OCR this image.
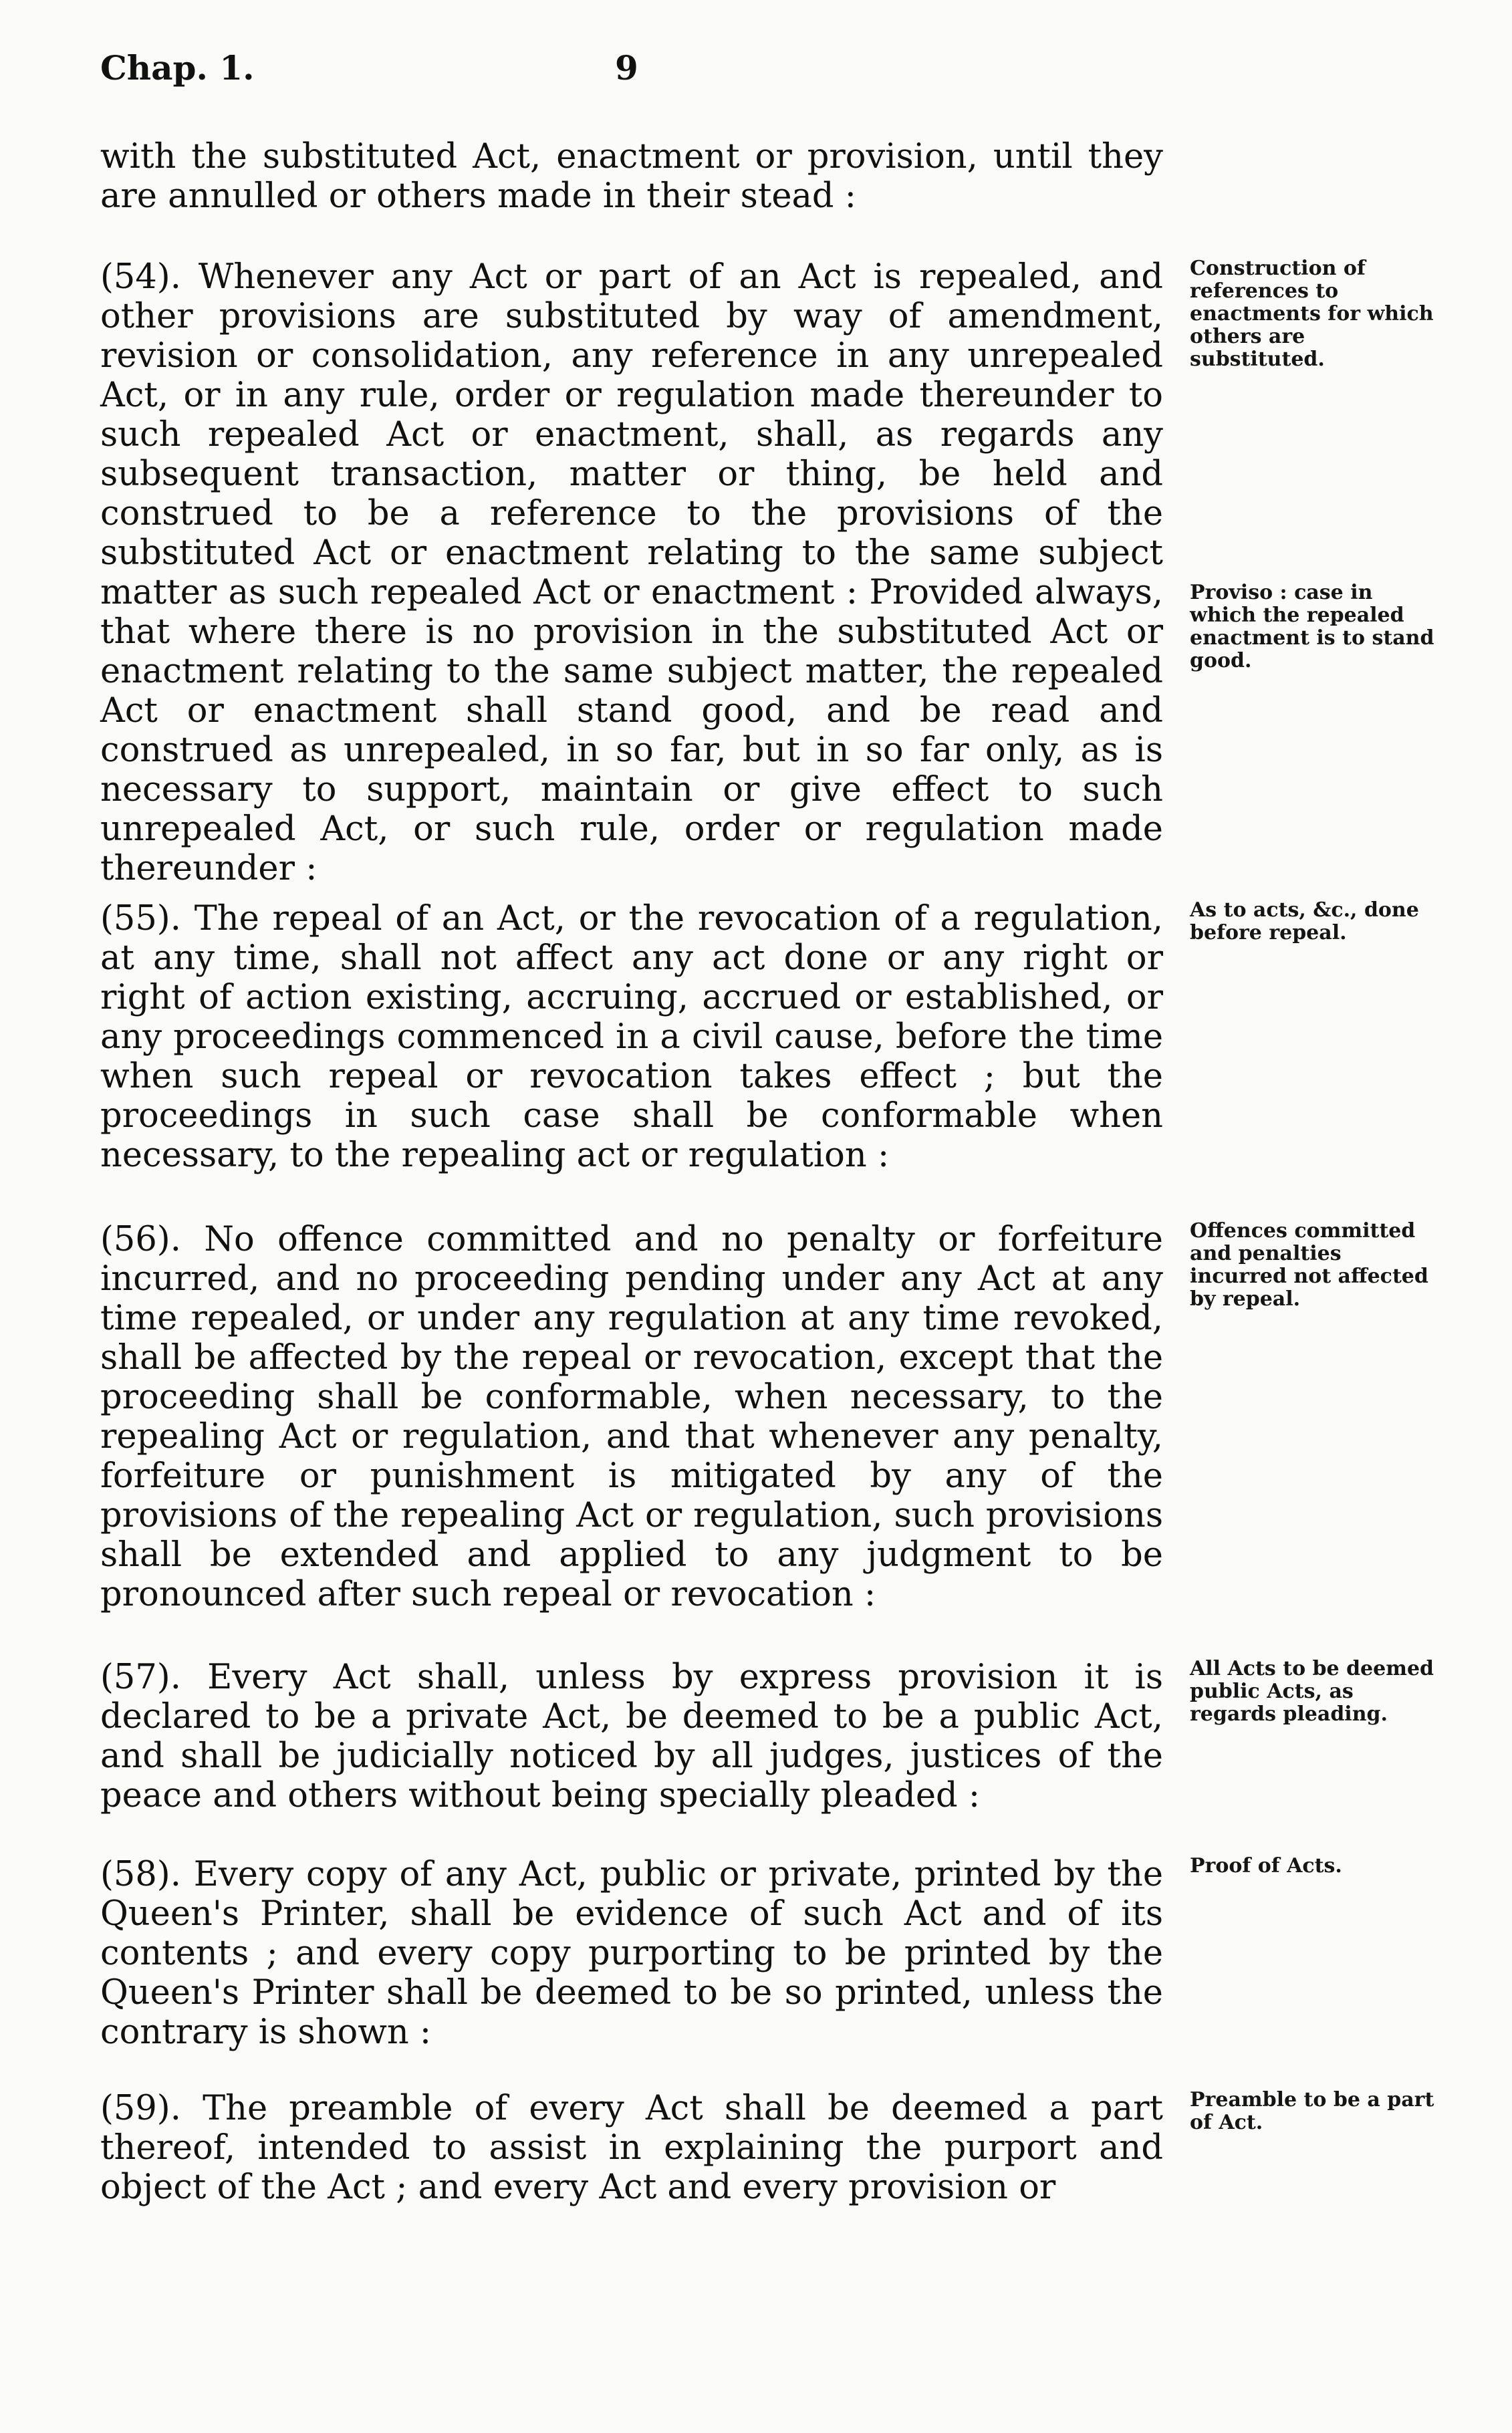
Chap. 1.	9
with the substituted Act, enactment or provision, until they are annulled or others made in their stead :
(54). Whenever any Act or part of an Act is repealed, and other provisions are substituted by way of amendment, revision or consolidation, any reference in any unrepealed Act, or in any rule, order or regulation made thereunder to such repealed Act or enactment, shall, as regards any subsequent transaction, matter or thing, be held and construed to be a reference to the provisions of the substituted Act or enactment relating to the same subject matter as such repealed Act or enactment : Provided always, that where there is no provision in the substituted Act or enactment relating to the same subject matter, the repealed Act or enactment shall stand good, and be read and construed as unrepealed, in so far, but in so far only, as is necessary to support, maintain or give effect to such unrepealed Act, or such rule, order or regulation made thereunder :
Construction of references to enactments for which others are substituted.
Proviso : case in which the repealed enactment is to stand good.
(55). The repeal of an Act, or the revocation of a regulation, at any time, shall not affect any act done or any right or right of action existing, accruing, accrued or established, or any proceedings commenced in a civil cause, before the time when such repeal or revocation takes effect ; but the proceedings in such case shall be conformable when necessary, to the repealing act or regulation :
As to acts, &c., done before repeal.
(56). No offence committed and no penalty or forfeiture incurred, and no proceeding pending under any Act at any time repealed, or under any regulation at any time revoked, shall be affected by the repeal or revocation, except that the proceeding shall be conformable, when necessary, to the repealing Act or regulation, and that whenever any penalty, forfeiture or punishment is mitigated by any of the provisions of the repealing Act or regulation, such provisions shall be extended and applied to any judgment to be pronounced after such repeal or revocation :
Offences committed and penalties incurred not affected by repeal.
(57). Every Act shall, unless by express provision it is declared to be a private Act, be deemed to be a public Act, and shall be judicially noticed by all judges, justices of the peace and others without being specially pleaded :
All Acts to be deemed public Acts, as regards pleading.
(58). Every copy of any Act, public or private, printed by the Queen's Printer, shall be evidence of such Act and of its contents ; and every copy purporting to be printed by the Queen's Printer shall be deemed to be so printed, unless the contrary is shown :
Proof of Acts.
(59). The preamble of every Act shall be deemed a part thereof, intended to assist in explaining the purport and object of the Act ; and every Act and every provision or
Preamble to be a part of Act.
